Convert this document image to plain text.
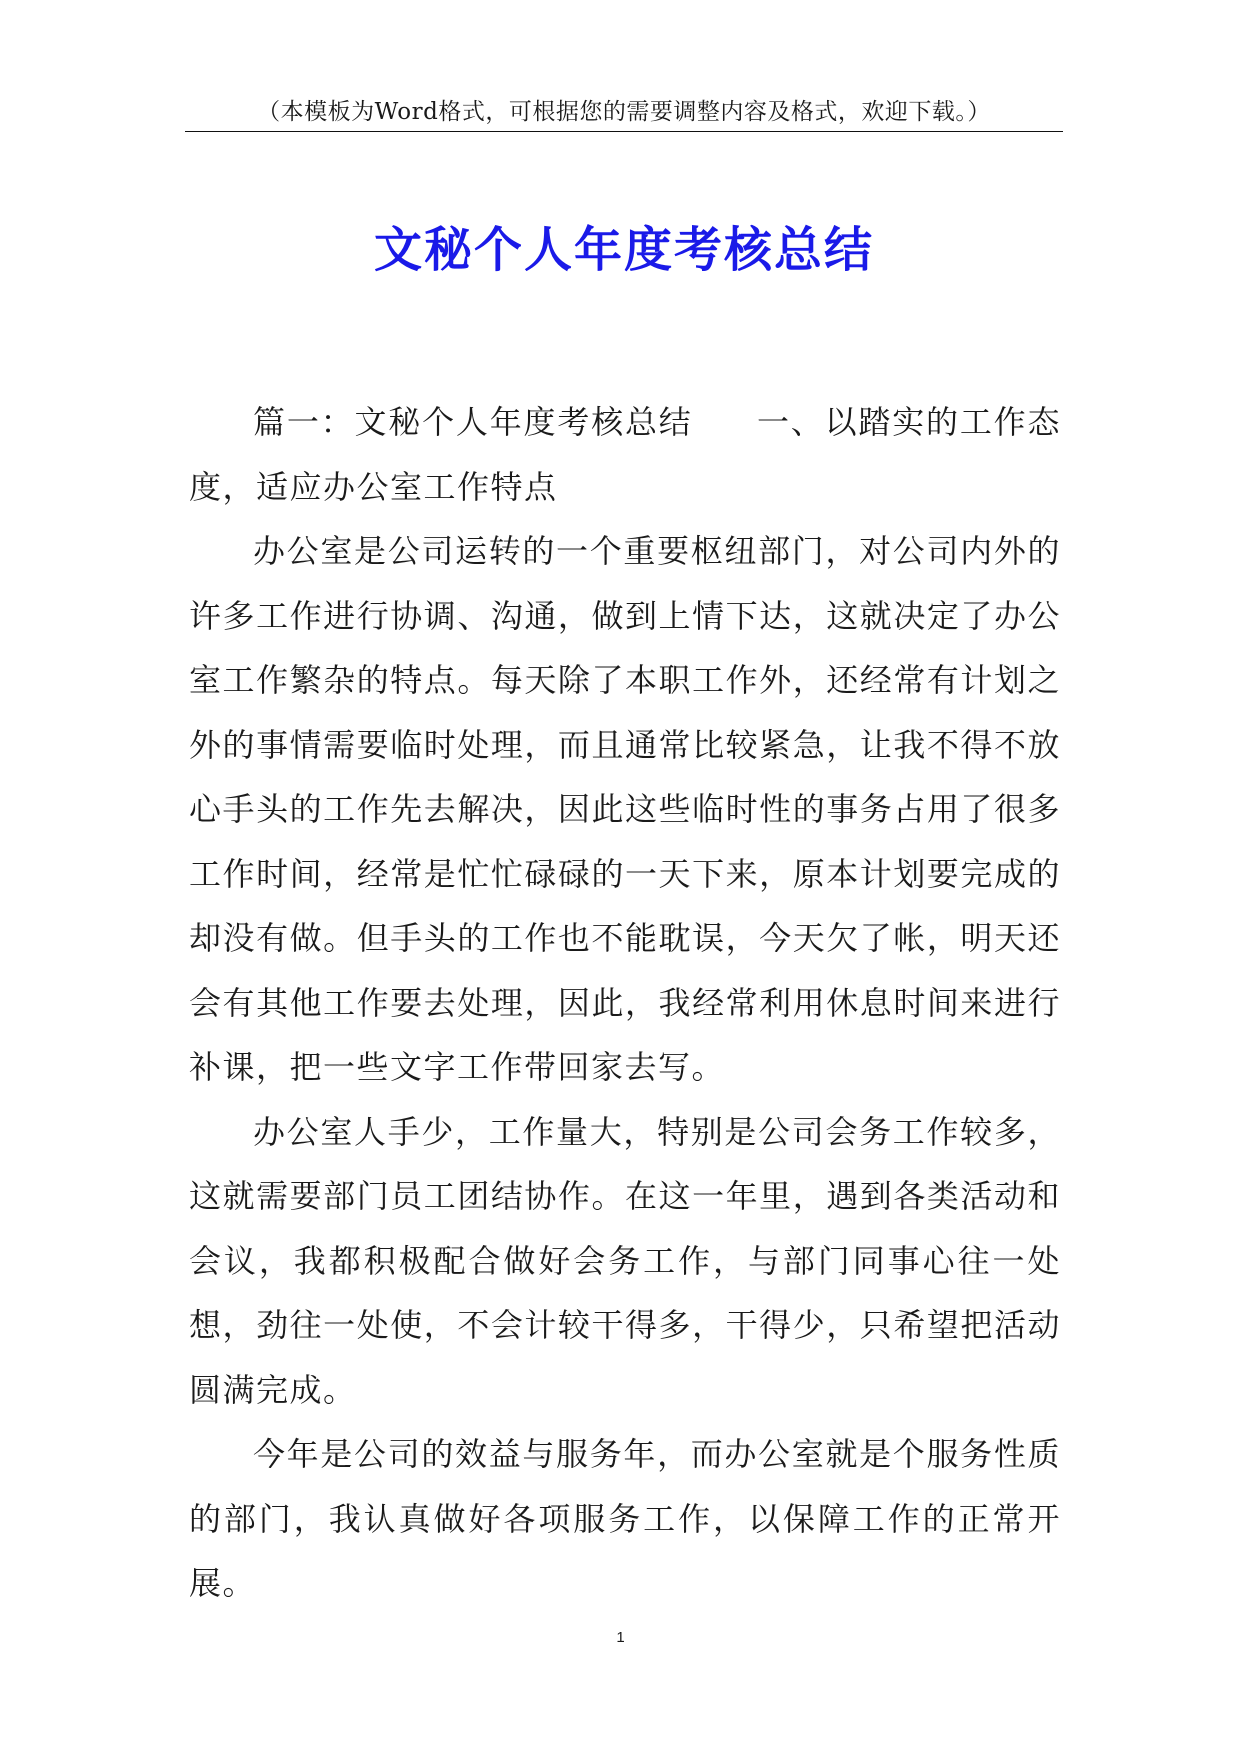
（本模板为Word格式，可根据您的需要调整内容及格式，欢迎下载。）
文秘个人年度考核总结

篇一：文秘个人年度考核总结 一、以踏实的工作态度，适应办公室工作特点

办公室是公司运转的一个重要枢纽部门，对公司内外的许多工作进行协调、沟通，做到上情下达，这就决定了办公室工作繁杂的特点。每天除了本职工作外，还经常有计划之外的事情需要临时处理，而且通常比较紧急，让我不得不放心手头的工作先去解决，因此这些临时性的事务占用了很多工作时间，经常是忙忙碌碌的一天下来，原本计划要完成的却没有做。但手头的工作也不能耽误，今天欠了帐，明天还会有其他工作要去处理，因此，我经常利用休息时间来进行补课，把一些文字工作带回家去写。

办公室人手少，工作量大，特别是公司会务工作较多，这就需要部门员工团结协作。在这一年里，遇到各类活动和会议，我都积极配合做好会务工作，与部门同事心往一处想，劲往一处使，不会计较干得多，干得少，只希望把活动圆满完成。

今年是公司的效益与服务年，而办公室就是个服务性质的部门，我认真做好各项服务工作，以保障工作的正常开展。

1
